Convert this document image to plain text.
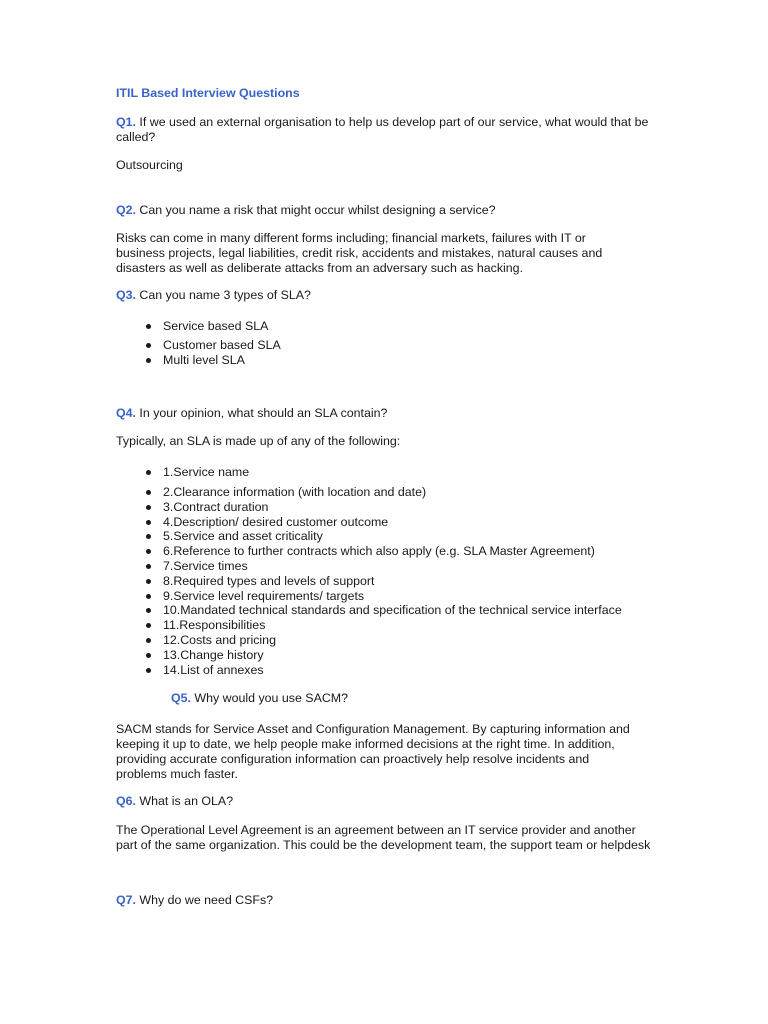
ITIL Based Interview Questions

Q1. If we used an external organisation to help us develop part of our service, what would that be called?

Outsourcing

Q2. Can you name a risk that might occur whilst designing a service?

Risks can come in many different forms including; financial markets, failures with IT or business projects, legal liabilities, credit risk, accidents and mistakes, natural causes and disasters as well as deliberate attacks from an adversary such as hacking.

Q3. Can you name 3 types of SLA?

Service based SLA
Customer based SLA
Multi level SLA

Q4. In your opinion, what should an SLA contain?

Typically, an SLA is made up of any of the following:

1.Service name
2.Clearance information (with location and date)
3.Contract duration
4.Description/ desired customer outcome
5.Service and asset criticality
6.Reference to further contracts which also apply (e.g. SLA Master Agreement)
7.Service times
8.Required types and levels of support
9.Service level requirements/ targets
10.Mandated technical standards and specification of the technical service interface
11.Responsibilities
12.Costs and pricing
13.Change history
14.List of annexes

Q5. Why would you use SACM?

SACM stands for Service Asset and Configuration Management. By capturing information and keeping it up to date, we help people make informed decisions at the right time. In addition, providing accurate configuration information can proactively help resolve incidents and problems much faster.

Q6. What is an OLA?

The Operational Level Agreement is an agreement between an IT service provider and another part of the same organization. This could be the development team, the support team or helpdesk

Q7. Why do we need CSFs?
